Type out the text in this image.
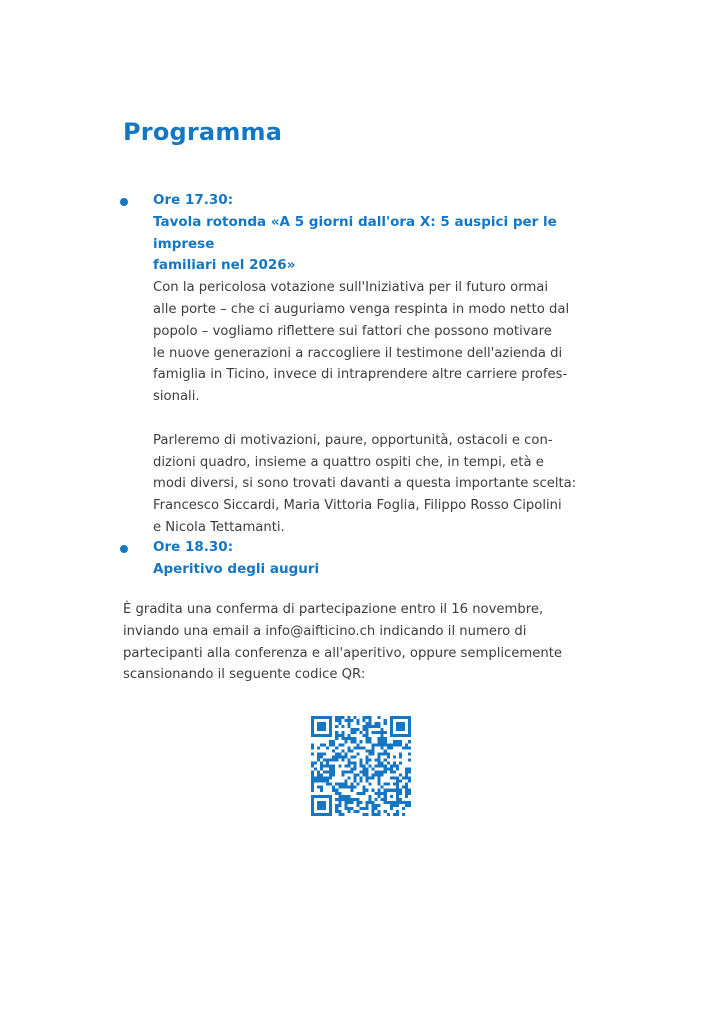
Programma

Ore 17.30:

Tavola rotonda «A 5 giorni dall'ora X: 5 auspici per le imprese

familiari nel 2026»

Con la pericolosa votazione sull'Iniziativa per il futuro ormai

alle porte – che ci auguriamo venga respinta in modo netto dal

popolo – vogliamo riflettere sui fattori che possono motivare

le nuove generazioni a raccogliere il testimone dell'azienda di

famiglia in Ticino, invece di intraprendere altre carriere profes-

sionali.

Parleremo di motivazioni, paure, opportunità, ostacoli e con-

dizioni quadro, insieme a quattro ospiti che, in tempi, età e

modi diversi, si sono trovati davanti a questa importante scelta:

Francesco Siccardi, Maria Vittoria Foglia, Filippo Rosso Cipolini

e Nicola Tettamanti.

Ore 18.30:

Aperitivo degli auguri

È gradita una conferma di partecipazione entro il 16 novembre,
inviando una email a info@aifticino.ch indicando il numero di
partecipanti alla conferenza e all'aperitivo, oppure semplicemente
scansionando il seguente codice QR:
